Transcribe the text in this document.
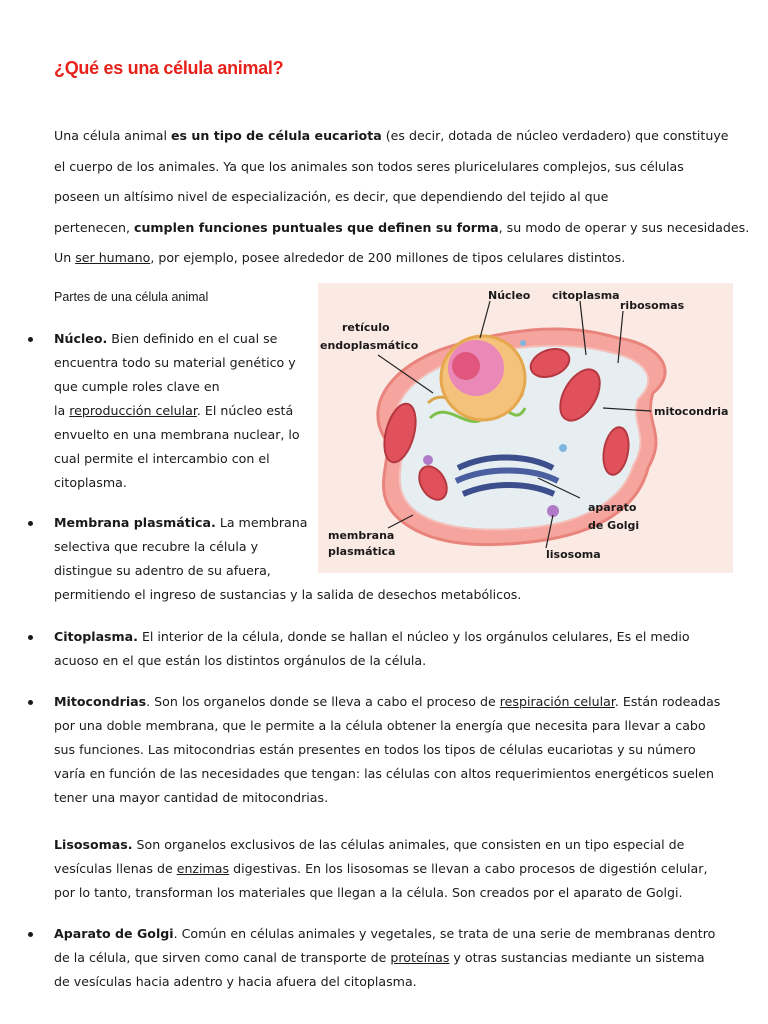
¿Qué es una célula animal?

Una célula animal es un tipo de célula eucariota (es decir, dotada de núcleo verdadero) que constituye

el cuerpo de los animales. Ya que los animales son todos seres pluricelulares complejos, sus células

poseen un altísimo nivel de especialización, es decir, que dependiendo del tejido al que

pertenecen, cumplen funciones puntuales que definen su forma, su modo de operar y sus necesidades.

Un ser humano, por ejemplo, posee alrededor de 200 millones de tipos celulares distintos.

Partes de una célula animal	Núcleo citoplasma
ribosomas
retículo
endoplasmático
mitocondria
aparato
de Golgi
membrana
plasmática	lisosoma

Núcleo. Bien definido en el cual se

encuentra todo su material genético y

que cumple roles clave en

la reproducción celular. El núcleo está

envuelto en una membrana nuclear, lo

cual permite el intercambio con el

citoplasma.

Membrana plasmática. La membrana

selectiva que recubre la célula y

distingue su adentro de su afuera,

permitiendo el ingreso de sustancias y la salida de desechos metabólicos.

Citoplasma. El interior de la célula, donde se hallan el núcleo y los orgánulos celulares, Es el medio

acuoso en el que están los distintos orgánulos de la célula.

Mitocondrias. Son los organelos donde se lleva a cabo el proceso de respiración celular. Están rodeadas

por una doble membrana, que le permite a la célula obtener la energía que necesita para llevar a cabo

sus funciones. Las mitocondrias están presentes en todos los tipos de células eucariotas y su número

varía en función de las necesidades que tengan: las células con altos requerimientos energéticos suelen

tener una mayor cantidad de mitocondrias.

Lisosomas. Son organelos exclusivos de las células animales, que consisten en un tipo especial de

vesículas llenas de enzimas digestivas. En los lisosomas se llevan a cabo procesos de digestión celular,

por lo tanto, transforman los materiales que llegan a la célula. Son creados por el aparato de Golgi.

Aparato de Golgi. Común en células animales y vegetales, se trata de una serie de membranas dentro

de la célula, que sirven como canal de transporte de proteínas y otras sustancias mediante un sistema

de vesículas hacia adentro y hacia afuera del citoplasma.
